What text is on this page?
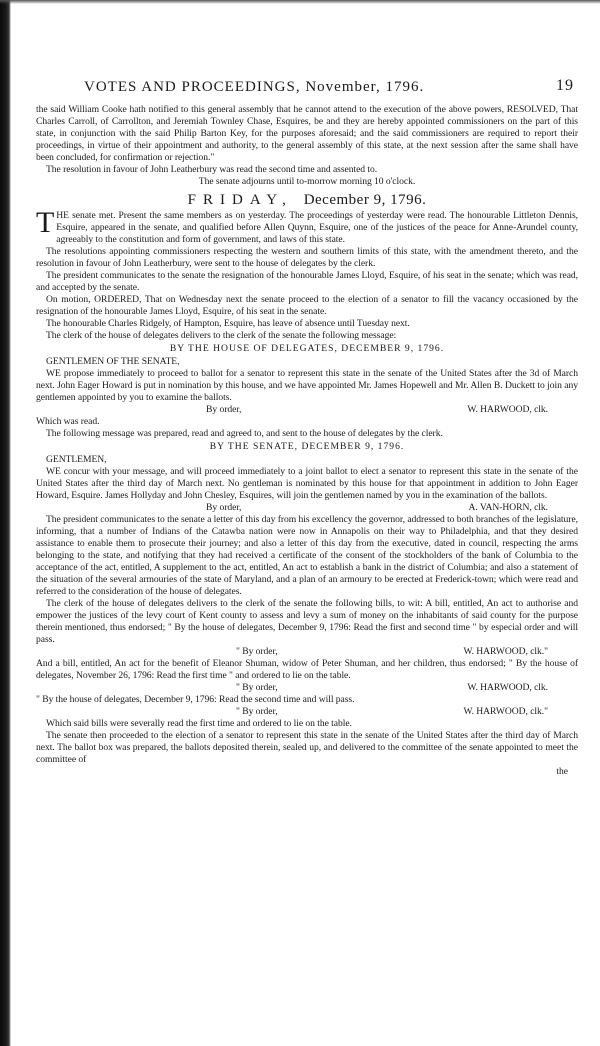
VOTES AND PROCEEDINGS, November, 1796.	19

the said William Cooke hath notified to this general assembly that he cannot attend to the execution of the above powers, RESOLVED, That Charles Carroll, of Carrollton, and Jeremiah Townley Chase, Esquires, be and they are hereby appointed commissioners on the part of this state, in conjunction with the said Philip Barton Key, for the purposes aforesaid; and the said commissioners are required to report their proceedings, in virtue of their appointment and authority, to the general assembly of this state, at the next session after the same shall have been concluded, for confirmation or rejection."

The resolution in favour of John Leatherbury was read the second time and assented to.

The senate adjourns until to-morrow morning 10 o'clock.

FRIDAY, December 9, 1796.

THE senate met. Present the same members as on yesterday. The proceedings of yesterday were read. The honourable Littleton Dennis, Esquire, appeared in the senate, and qualified before Allen Quynn, Esquire, one of the justices of the peace for Anne-Arundel county, agreeably to the constitution and form of government, and laws of this state.

The resolutions appointing commissioners respecting the western and southern limits of this state, with the amendment thereto, and the resolution in favour of John Leatherbury, were sent to the house of delegates by the clerk.

The president communicates to the senate the resignation of the honourable James Lloyd, Esquire, of his seat in the senate; which was read, and accepted by the senate.

On motion, ORDERED, That on Wednesday next the senate proceed to the election of a senator to fill the vacancy occasioned by the resignation of the honourable James Lloyd, Esquire, of his seat in the senate.

The honourable Charles Ridgely, of Hampton, Esquire, has leave of absence until Tuesday next.

The clerk of the house of delegates delivers to the clerk of the senate the following message:

BY THE HOUSE OF DELEGATES, DECEMBER 9, 1796.

GENTLEMEN OF THE SENATE,

WE propose immediately to proceed to ballot for a senator to represent this state in the senate of the United States after the 3d of March next. John Eager Howard is put in nomination by this house, and we have appointed Mr. James Hopewell and Mr. Allen B. Duckett to join any gentlemen appointed by you to examine the ballots.

By order,	W. HARWOOD, clk.

Which was read.

The following message was prepared, read and agreed to, and sent to the house of delegates by the clerk.

BY THE SENATE, DECEMBER 9, 1796.

GENTLEMEN,

WE concur with your message, and will proceed immediately to a joint ballot to elect a senator to represent this state in the senate of the United States after the third day of March next. No gentleman is nominated by this house for that appointment in addition to John Eager Howard, Esquire. James Hollyday and John Chesley, Esquires, will join the gentlemen named by you in the examination of the ballots.

By order,	A. VAN-HORN, clk.

The president communicates to the senate a letter of this day from his excellency the governor, addressed to both branches of the legislature, informing, that a number of Indians of the Catawba nation were now in Annapolis on their way to Philadelphia, and that they desired assistance to enable them to prosecute their journey; and also a letter of this day from the executive, dated in council, respecting the arms belonging to the state, and notifying that they had received a certificate of the consent of the stockholders of the bank of Columbia to the acceptance of the act, entitled, A supplement to the act, entitled, An act to establish a bank in the district of Columbia; and also a statement of the situation of the several armouries of the state of Maryland, and a plan of an armoury to be erected at Frederick-town; which were read and referred to the consideration of the house of delegates.

The clerk of the house of delegates delivers to the clerk of the senate the following bills, to wit: A bill, entitled, An act to authorise and empower the justices of the levy court of Kent county to assess and levy a sum of money on the inhabitants of said county for the purpose therein mentioned, thus endorsed; " By the house of delegates, December 9, 1796: Read the first and second time " by especial order and will pass.

" By order,	W. HARWOOD, clk."

And a bill, entitled, An act for the benefit of Eleanor Shuman, widow of Peter Shuman, and her children, thus endorsed; " By the house of delegates, November 26, 1796: Read the first time " and ordered to lie on the table.

" By order,	W. HARWOOD, clk.

" By the house of delegates, December 9, 1796: Read the second time and will pass.

" By order,	W. HARWOOD, clk."

Which said bills were severally read the first time and ordered to lie on the table.

The senate then proceeded to the election of a senator to represent this state in the senate of the United States after the third day of March next. The ballot box was prepared, the ballots deposited therein, sealed up, and delivered to the committee of the senate appointed to meet the committee of

the
